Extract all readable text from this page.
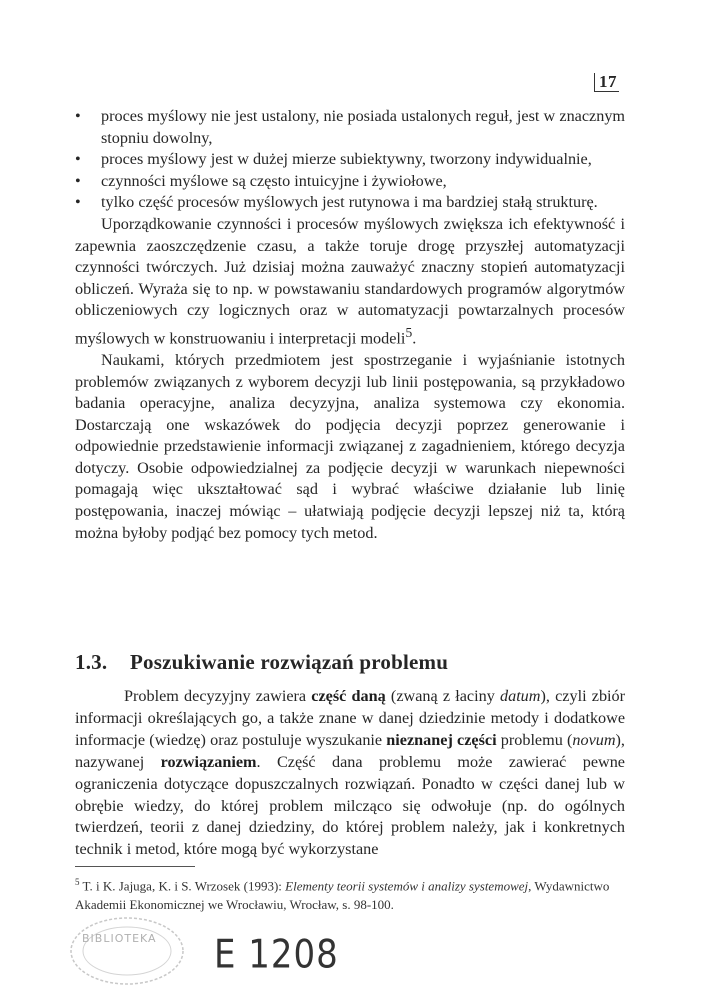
17
• proces myślowy nie jest ustalony, nie posiada ustalonych reguł, jest w znacznym stopniu dowolny,
• proces myślowy jest w dużej mierze subiektywny, tworzony indywidualnie,
• czynności myślowe są często intuicyjne i żywiołowe,
• tylko część procesów myślowych jest rutynowa i ma bardziej stałą strukturę.

Uporządkowanie czynności i procesów myślowych zwiększa ich efektywność i zapewnia zaoszczędzenie czasu, a także toruje drogę przyszłej automatyzacji czynności twórczych. Już dzisiaj można zauważyć znaczny stopień automatyzacji obliczeń. Wyraża się to np. w powstawaniu standardowych programów algorytmów obliczeniowych czy logicznych oraz w automatyzacji powtarzalnych procesów myślowych w konstruowaniu i interpretacji modeli$^5$.

Naukami, których przedmiotem jest spostrzeganie i wyjaśnianie istotnych problemów związanych z wyborem decyzji lub linii postępowania, są przykładowo badania operacyjne, analiza decyzyjna, analiza systemowa czy ekonomia. Dostarczają one wskazówek do podjęcia decyzji poprzez generowanie i odpowiednie przedstawienie informacji związanej z zagadnieniem, którego decyzja dotyczy. Osobie odpowiedzialnej za podjęcie decyzji w warunkach niepewności pomagają więc ukształtować sąd i wybrać właściwe działanie lub linię postępowania, inaczej mówiąc – ułatwiają podjęcie decyzji lepszej niż ta, którą można byłoby podjąć bez pomocy tych metod.

1.3. Poszukiwanie rozwiązań problemu

Problem decyzyjny zawiera część daną (zwaną z łaciny datum), czyli zbiór informacji określających go, a także znane w danej dziedzinie metody i dodatkowe informacje (wiedzę) oraz postuluje wyszukanie nieznanej części problemu (novum), nazywanej rozwiązaniem. Część dana problemu może zawierać pewne ograniczenia dotyczące dopuszczalnych rozwiązań. Ponadto w części danej lub w obrębie wiedzy, do której problem milcząco się odwołuje (np. do ogólnych twierdzeń, teorii z danej dziedziny, do której problem należy, jak i konkretnych technik i metod, które mogą być wykorzystane

$^5$ T. i K. Jajuga, K. i S. Wrzosek (1993): Elementy teorii systemów i analizy systemowej, Wydawnictwo Akademii Ekonomicznej we Wrocławiu, Wrocław, s. 98-100.
BIBLIOTEKA E 1208
